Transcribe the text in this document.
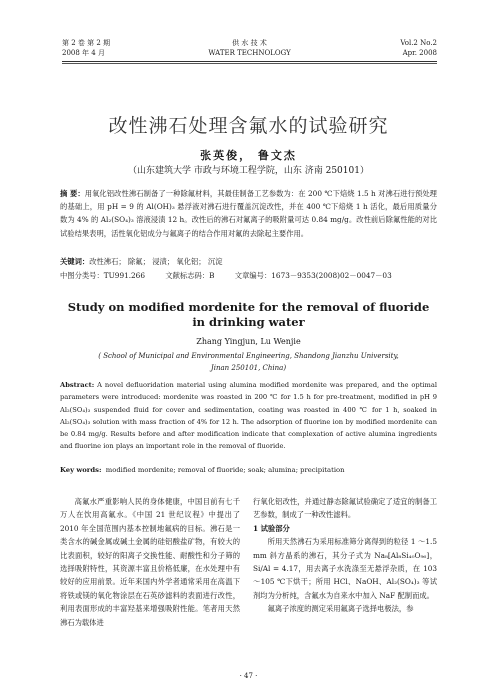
第 2 卷 第 2 期
2008 年 4 月
供 水 技 术
WATER TECHNOLOGY
Vol.2 No.2
Apr. 2008
改性沸石处理含氟水的试验研究
张英俊， 鲁文杰
（山东建筑大学 市政与环境工程学院，山东 济南 250101）
摘 要：用氧化铝改性沸石制备了一种除氟材料，其最佳制备工艺参数为：在 200 ℃下焙烧 1.5 h 对沸石进行预处理的基础上，用 pH = 9 的 Al(OH)₃ 悬浮液对沸石进行覆盖沉淀改性，并在 400 ℃下焙烧 1 h 活化，最后用质量分数为 4% 的 Al₂(SO₄)₃ 溶液浸渍 12 h。改性后的沸石对氟离子的吸附量可达 0.84 mg/g。改性前后除氟性能的对比试验结果表明，活性氧化铝成分与氟离子的结合作用对氟的去除起主要作用。
关键词：改性沸石； 除氟； 浸渍； 氧化铝； 沉淀
中图分类号：TU991.266	文献标志码：B	文章编号：1673－9353(2008)02－0047－03
Study on modified mordenite for the removal of fluoride
in drinking water
Zhang Yingjun, Lu Wenjie
( School of Municipal and Environmental Engineering, Shandong Jianzhu University,
Jinan 250101, China)
Abstract: A novel defluoridation material using alumina modified mordenite was prepared, and the optimal parameters were introduced: mordenite was roasted in 200 ℃ for 1.5 h for pre-treatment, modified in pH 9 Al₂(SO₄)₃ suspended fluid for cover and sedimentation, coating was roasted in 400 ℃ for 1 h, soaked in Al₂(SO₄)₃ solution with mass fraction of 4% for 12 h. The adsorption of fluorine ion by modified mordenite can be 0.84 mg/g. Results before and after modification indicate that complexation of active alumina ingredients and fluorine ion plays an important role in the removal of fluoride.
Key words: modified mordenite; removal of fluoride; soak; alumina; precipitation

高氟水严重影响人民的身体健康，中国目前有七千万人在饮用高氟水。《中国 21 世纪议程》中提出了 2010 年全国范围内基本控制地氟病的目标。沸石是一类含水的碱金属或碱土金属的硅铝酸盐矿物，有较大的比表面积，较好的阳离子交换性能、耐酸性和分子筛的选择吸附特性，其资源丰富且价格低廉，在水处理中有较好的应用前景。近年来国内外学者通常采用在高温下将铁或镁的氧化物涂层在石英砂滤料的表面进行改性，利用表面形成的丰富羟基来增强吸附性能。笔者用天然沸石为载体进

行氧化铝改性，并通过静态除氟试验确定了适宜的制备工艺参数，制成了一种改性滤料。

1 试验部分

所用天然沸石为采用标准筛分离得到的粒径 1 ～1.5 mm 斜方晶系的沸石，其分子式为 Na₈[Al₈Si₄₀O₉₆]，Si/Al = 4.17，用去离子水洗涤至无悬浮杂质，在 103～105 ℃下烘干；所用 HCl、NaOH、Al₂(SO₄)₃ 等试剂均为分析纯，含氟水为自来水中加入 NaF 配制而成。

氟离子浓度的测定采用氟离子选择电极法，参

· 47 ·
